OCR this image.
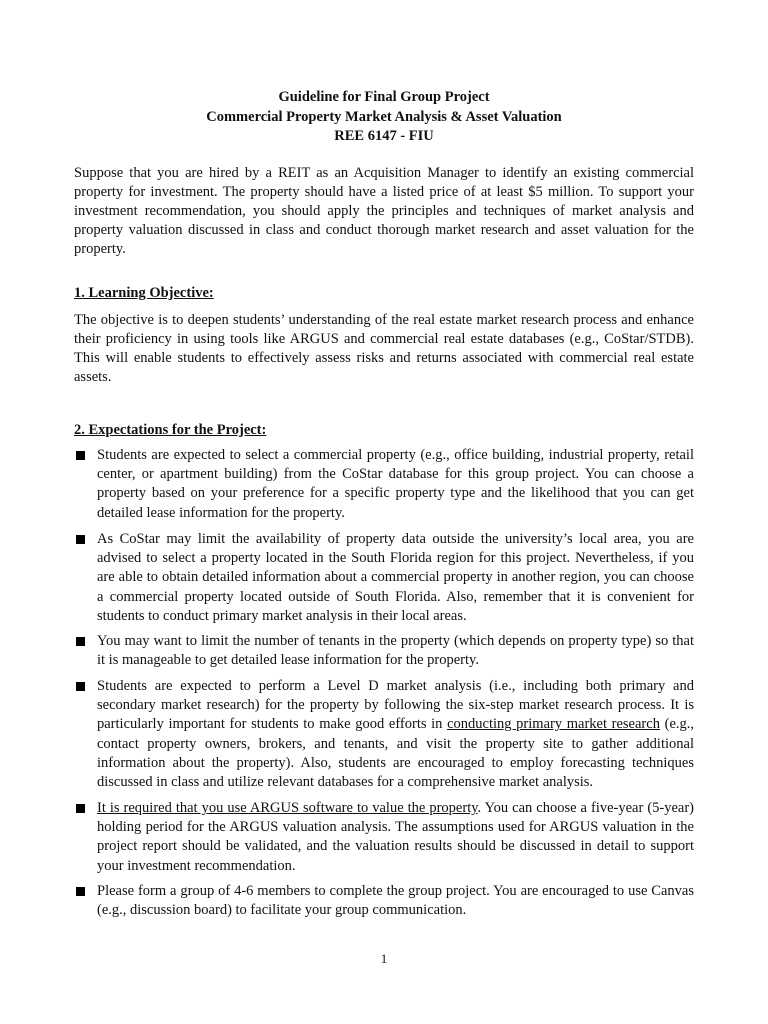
Guideline for Final Group Project
Commercial Property Market Analysis & Asset Valuation
REE 6147 - FIU

Suppose that you are hired by a REIT as an Acquisition Manager to identify an existing commercial property for investment. The property should have a listed price of at least $5 million. To support your investment recommendation, you should apply the principles and techniques of market analysis and property valuation discussed in class and conduct thorough market research and asset valuation for the property.

1. Learning Objective:

The objective is to deepen students’ understanding of the real estate market research process and enhance their proficiency in using tools like ARGUS and commercial real estate databases (e.g., CoStar/STDB). This will enable students to effectively assess risks and returns associated with commercial real estate assets.

2. Expectations for the Project:

Students are expected to select a commercial property (e.g., office building, industrial property, retail center, or apartment building) from the CoStar database for this group project. You can choose a property based on your preference for a specific property type and the likelihood that you can get detailed lease information for the property.
As CoStar may limit the availability of property data outside the university’s local area, you are advised to select a property located in the South Florida region for this project. Nevertheless, if you are able to obtain detailed information about a commercial property in another region, you can choose a commercial property located outside of South Florida. Also, remember that it is convenient for students to conduct primary market analysis in their local areas.
You may want to limit the number of tenants in the property (which depends on property type) so that it is manageable to get detailed lease information for the property.
Students are expected to perform a Level D market analysis (i.e., including both primary and secondary market research) for the property by following the six-step market research process. It is particularly important for students to make good efforts in conducting primary market research (e.g., contact property owners, brokers, and tenants, and visit the property site to gather additional information about the property). Also, students are encouraged to employ forecasting techniques discussed in class and utilize relevant databases for a comprehensive market analysis.
It is required that you use ARGUS software to value the property. You can choose a five-year (5-year) holding period for the ARGUS valuation analysis. The assumptions used for ARGUS valuation in the project report should be validated, and the valuation results should be discussed in detail to support your investment recommendation.
Please form a group of 4-6 members to complete the group project. You are encouraged to use Canvas (e.g., discussion board) to facilitate your group communication.
1
